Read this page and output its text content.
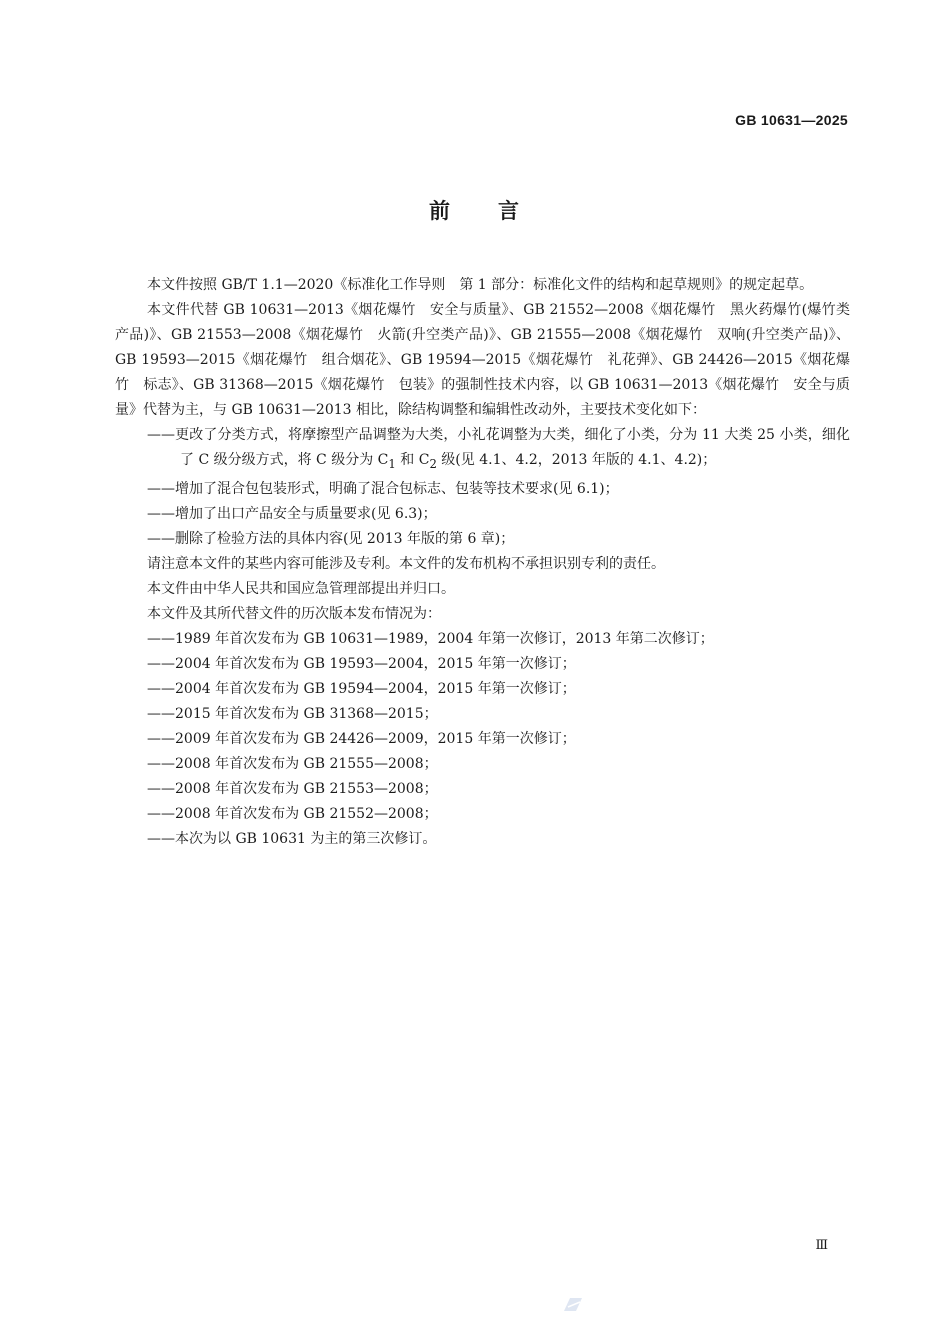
GB 10631—2025
前 言

本文件按照 GB/T 1.1—2020《标准化工作导则　第 1 部分：标准化文件的结构和起草规则》的规定起草。

本文件代替 GB 10631—2013《烟花爆竹　安全与质量》、GB 21552—2008《烟花爆竹　黑火药爆竹(爆竹类产品)》、GB 21553—2008《烟花爆竹　火箭(升空类产品)》、GB 21555—2008《烟花爆竹　双响(升空类产品)》、GB 19593—2015《烟花爆竹　组合烟花》、GB 19594—2015《烟花爆竹　礼花弹》、GB 24426—2015《烟花爆竹　标志》、GB 31368—2015《烟花爆竹　包装》的强制性技术内容，以 GB 10631—2013《烟花爆竹　安全与质量》代替为主，与 GB 10631—2013 相比，除结构调整和编辑性改动外，主要技术变化如下：

——更改了分类方式，将摩擦型产品调整为大类，小礼花调整为大类，细化了小类，分为 11 大类 25 小类，细化了 C 级分级方式，将 C 级分为 $C_1$ 和 $C_2$ 级(见 4.1、4.2，2013 年版的 4.1、4.2)；

——增加了混合包包装形式，明确了混合包标志、包装等技术要求(见 6.1)；

——增加了出口产品安全与质量要求(见 6.3)；

——删除了检验方法的具体内容(见 2013 年版的第 6 章)；

请注意本文件的某些内容可能涉及专利。本文件的发布机构不承担识别专利的责任。

本文件由中华人民共和国应急管理部提出并归口。

本文件及其所代替文件的历次版本发布情况为：

——1989 年首次发布为 GB 10631—1989，2004 年第一次修订，2013 年第二次修订；

——2004 年首次发布为 GB 19593—2004，2015 年第一次修订；

——2004 年首次发布为 GB 19594—2004，2015 年第一次修订；

——2015 年首次发布为 GB 31368—2015；

——2009 年首次发布为 GB 24426—2009，2015 年第一次修订；

——2008 年首次发布为 GB 21555—2008；

——2008 年首次发布为 GB 21553—2008；

——2008 年首次发布为 GB 21552—2008；

——本次为以 GB 10631 为主的第三次修订。

Ⅲ
